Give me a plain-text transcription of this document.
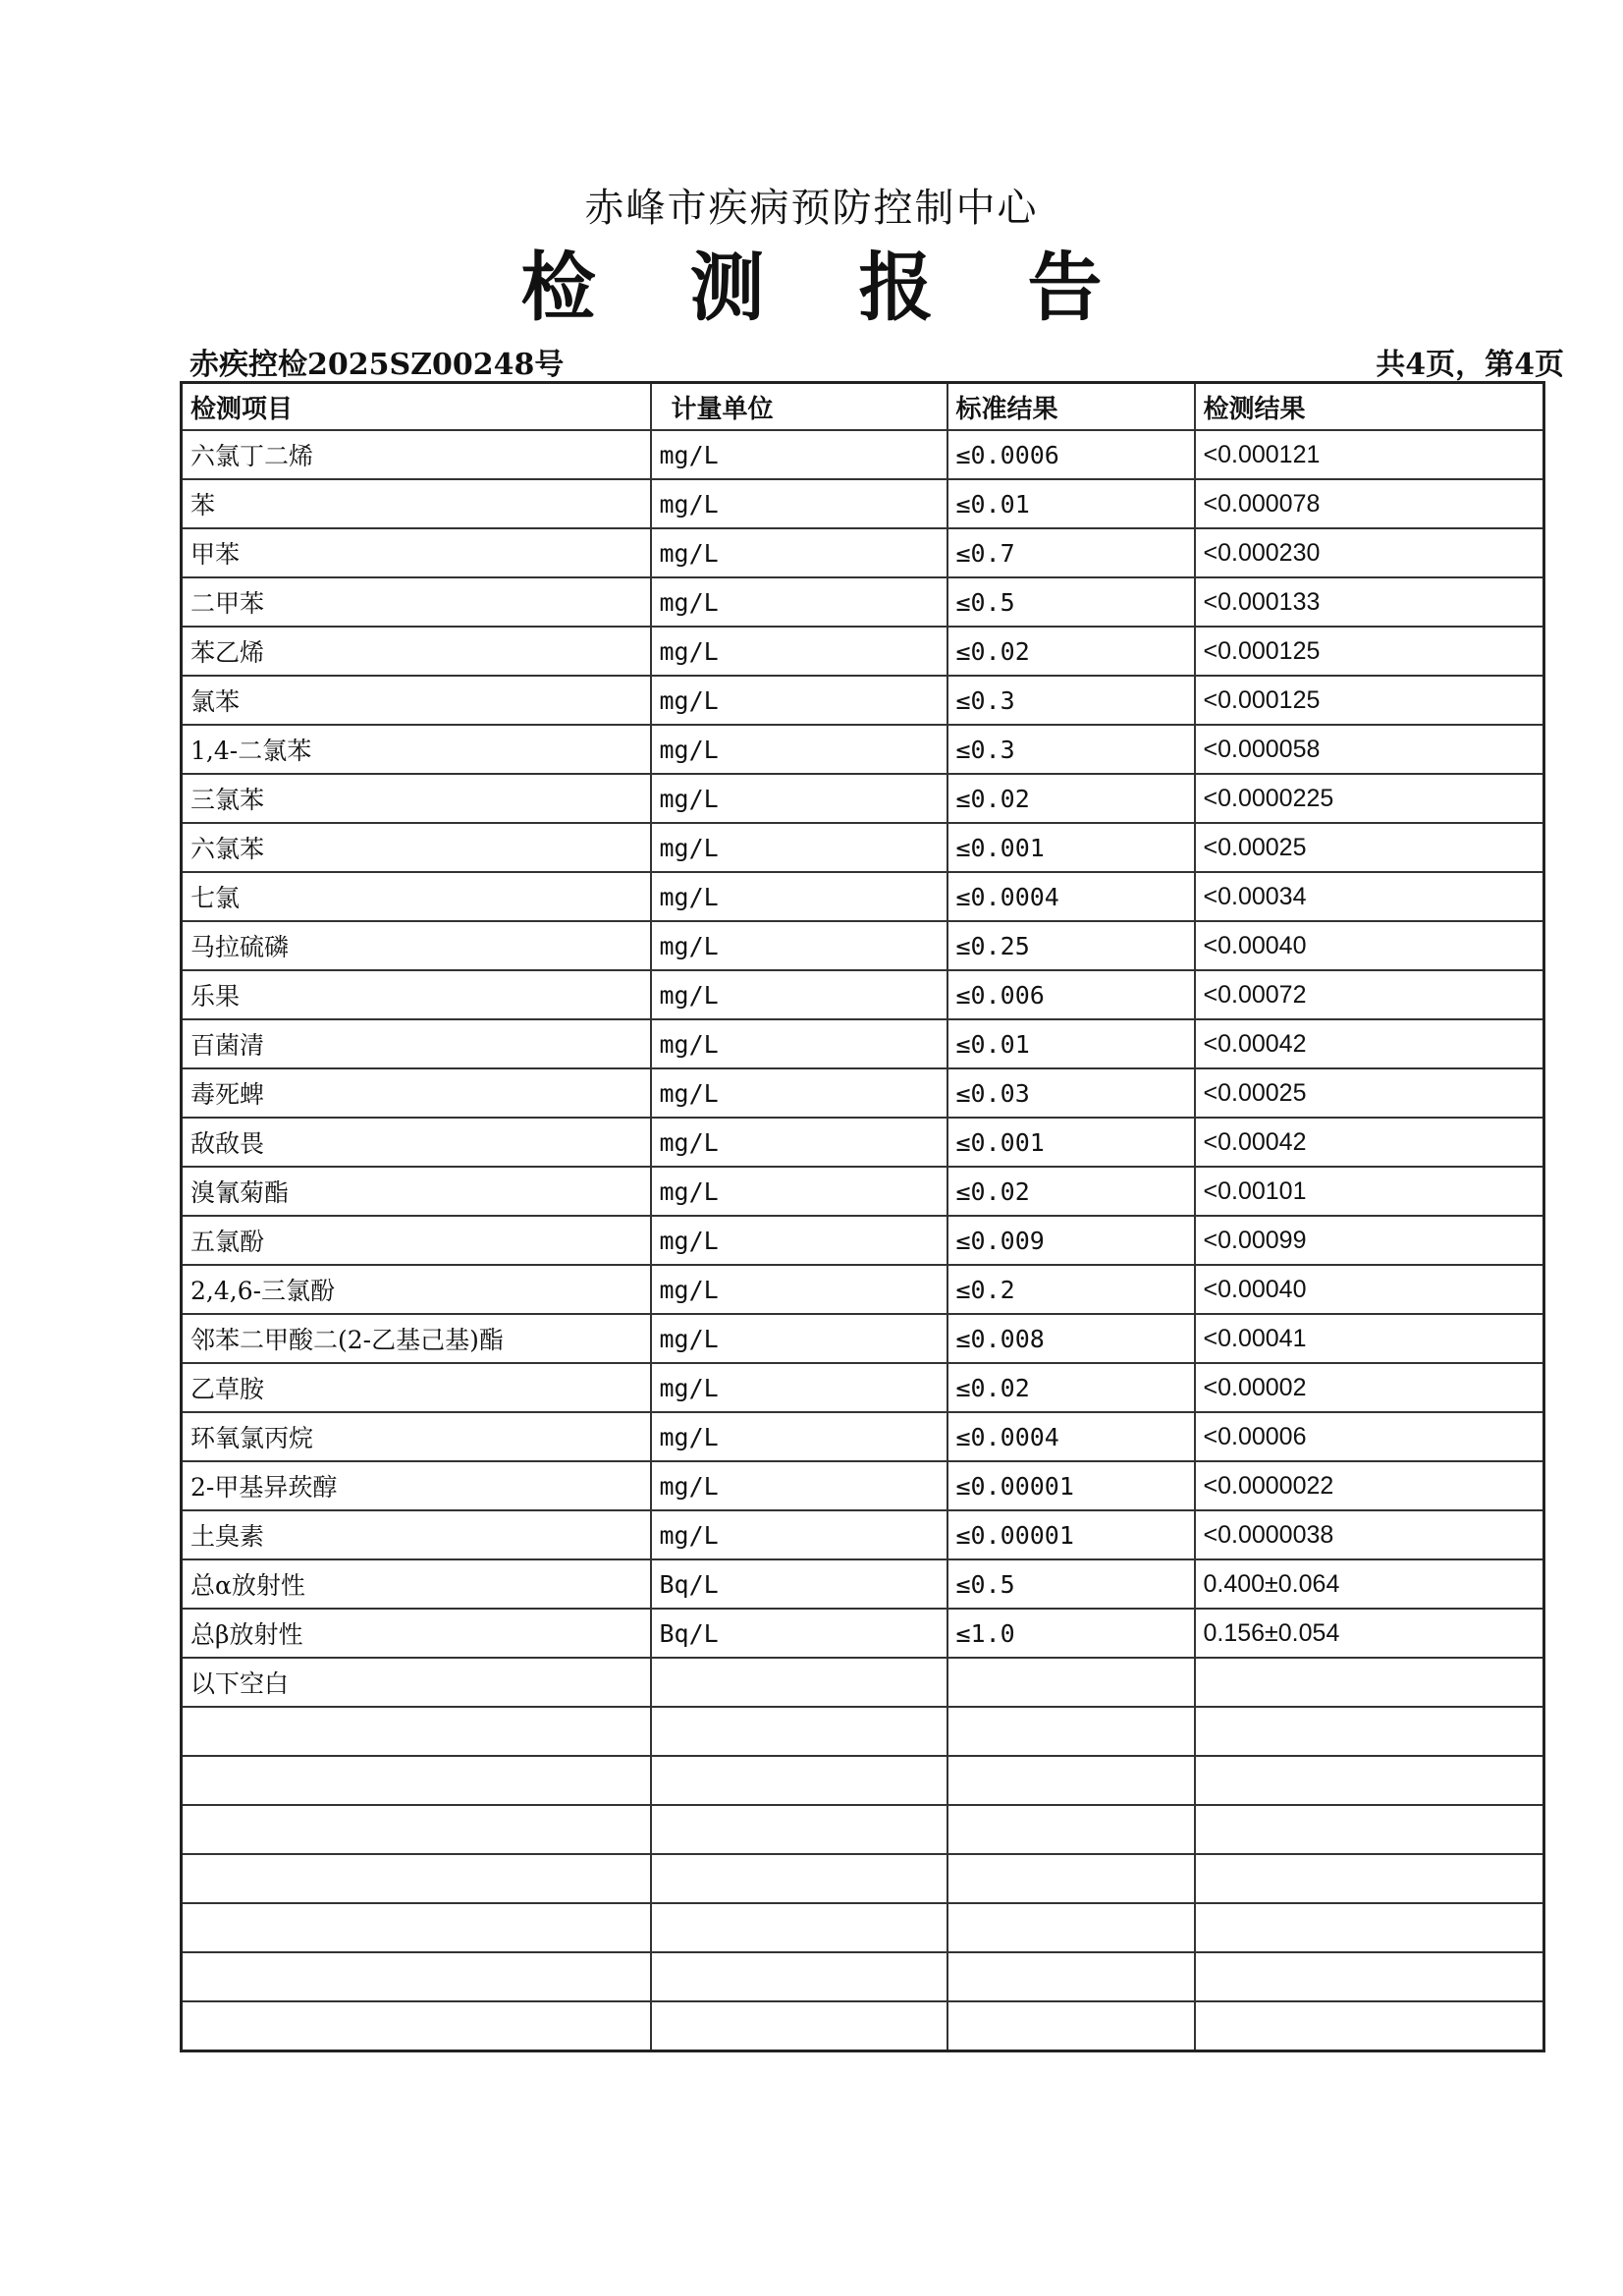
赤峰市疾病预防控制中心
检 测 报 告
赤疾控检2025SZ00248号	共4页，第4页
检测项目	计量单位	标准结果	检测结果
六氯丁二烯	mg/L	≤0.0006	<0.000121
苯	mg/L	≤0.01	<0.000078
甲苯	mg/L	≤0.7	<0.000230
二甲苯	mg/L	≤0.5	<0.000133
苯乙烯	mg/L	≤0.02	<0.000125
氯苯	mg/L	≤0.3	<0.000125
1,4-二氯苯	mg/L	≤0.3	<0.000058
三氯苯	mg/L	≤0.02	<0.0000225
六氯苯	mg/L	≤0.001	<0.00025
七氯	mg/L	≤0.0004	<0.00034
马拉硫磷	mg/L	≤0.25	<0.00040
乐果	mg/L	≤0.006	<0.00072
百菌清	mg/L	≤0.01	<0.00042
毒死蜱	mg/L	≤0.03	<0.00025
敌敌畏	mg/L	≤0.001	<0.00042
溴氰菊酯	mg/L	≤0.02	<0.00101
五氯酚	mg/L	≤0.009	<0.00099
2,4,6-三氯酚	mg/L	≤0.2	<0.00040
邻苯二甲酸二(2-乙基己基)酯	mg/L	≤0.008	<0.00041
乙草胺	mg/L	≤0.02	<0.00002
环氧氯丙烷	mg/L	≤0.0004	<0.00006
2-甲基异莰醇	mg/L	≤0.00001	<0.0000022
土臭素	mg/L	≤0.00001	<0.0000038
总α放射性	Bq/L	≤0.5	0.400±0.064
总β放射性	Bq/L	≤1.0	0.156±0.054
以下空白			
